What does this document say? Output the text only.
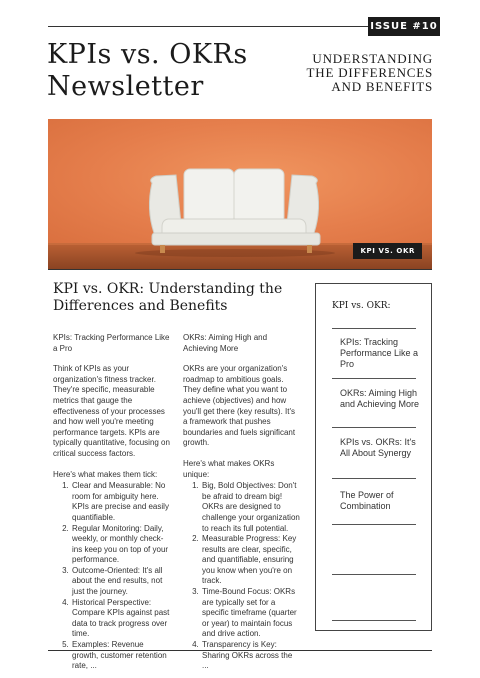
ISSUE #10
KPIs vs. OKRs
Newsletter
UNDERSTANDING
THE DIFFERENCES
AND BENEFITS
KPI VS. OKR
KPI vs. OKR: Understanding the Differences and Benefits

KPIs: Tracking Performance Like a Pro

Think of KPIs as your organization's fitness tracker. They're specific, measurable metrics that gauge the effectiveness of your processes and how well you're meeting performance targets. KPIs are typically quantitative, focusing on critical success factors.

Here's what makes them tick:

1. Clear and Measurable: No room for ambiguity here. KPIs are precise and easily quantifiable.
2. Regular Monitoring: Daily, weekly, or monthly check-ins keep you on top of your performance.
3. Outcome-Oriented: It's all about the end results, not just the journey.
4. Historical Perspective: Compare KPIs against past data to track progress over time.
5. Examples: Revenue growth, customer retention rate, ...

OKRs: Aiming High and Achieving More

OKRs are your organization's roadmap to ambitious goals. They define what you want to achieve (objectives) and how you'll get there (key results). It's a framework that pushes boundaries and fuels significant growth.

Here's what makes OKRs unique:

1. Big, Bold Objectives: Don't be afraid to dream big! OKRs are designed to challenge your organization to reach its full potential.
2. Measurable Progress: Key results are clear, specific, and quantifiable, ensuring you know when you're on track.
3. Time-Bound Focus: OKRs are typically set for a specific timeframe (quarter or year) to maintain focus and drive action.
4. Transparency is Key: Sharing OKRs across the ...
KPI vs. OKR:
KPIs: Tracking Performance Like a Pro
OKRs: Aiming High and Achieving More
KPIs vs. OKRs: It's All About Synergy
The Power of Combination
